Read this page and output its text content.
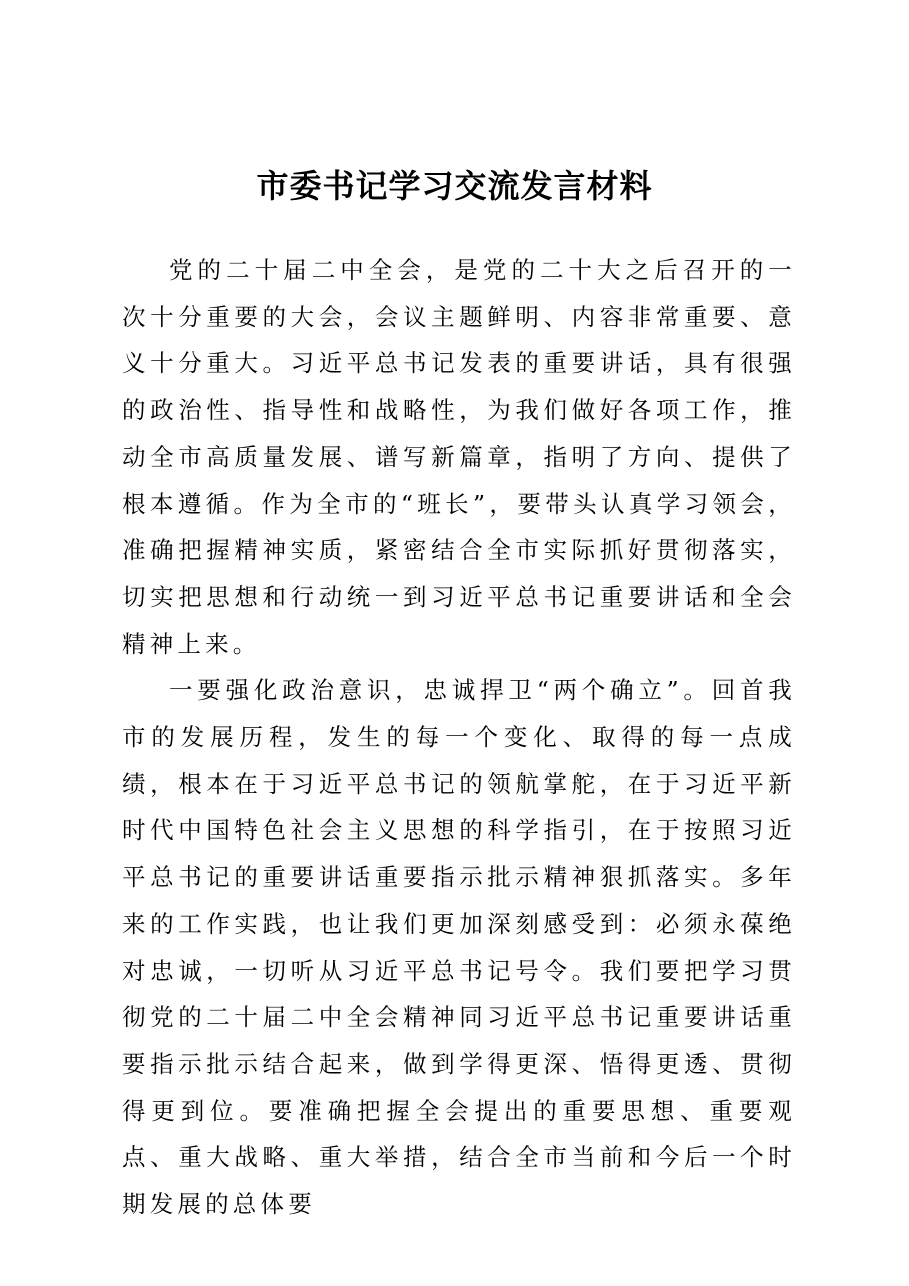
市委书记学习交流发言材料

党的二十届二中全会，是党的二十大之后召开的一次十分重要的大会，会议主题鲜明、内容非常重要、意义十分重大。习近平总书记发表的重要讲话，具有很强的政治性、指导性和战略性，为我们做好各项工作，推动全市高质量发展、谱写新篇章，指明了方向、提供了根本遵循。作为全市的“班长”，要带头认真学习领会，准确把握精神实质，紧密结合全市实际抓好贯彻落实，切实把思想和行动统一到习近平总书记重要讲话和全会精神上来。

一要强化政治意识，忠诚捍卫“两个确立”。回首我市的发展历程，发生的每一个变化、取得的每一点成绩，根本在于习近平总书记的领航掌舵，在于习近平新时代中国特色社会主义思想的科学指引，在于按照习近平总书记的重要讲话重要指示批示精神狠抓落实。多年来的工作实践，也让我们更加深刻感受到：必须永葆绝对忠诚，一切听从习近平总书记号令。我们要把学习贯彻党的二十届二中全会精神同习近平总书记重要讲话重要指示批示结合起来，做到学得更深、悟得更透、贯彻得更到位。要准确把握全会提出的重要思想、重要观点、重大战略、重大举措，结合全市当前和今后一个时期发展的总体要
